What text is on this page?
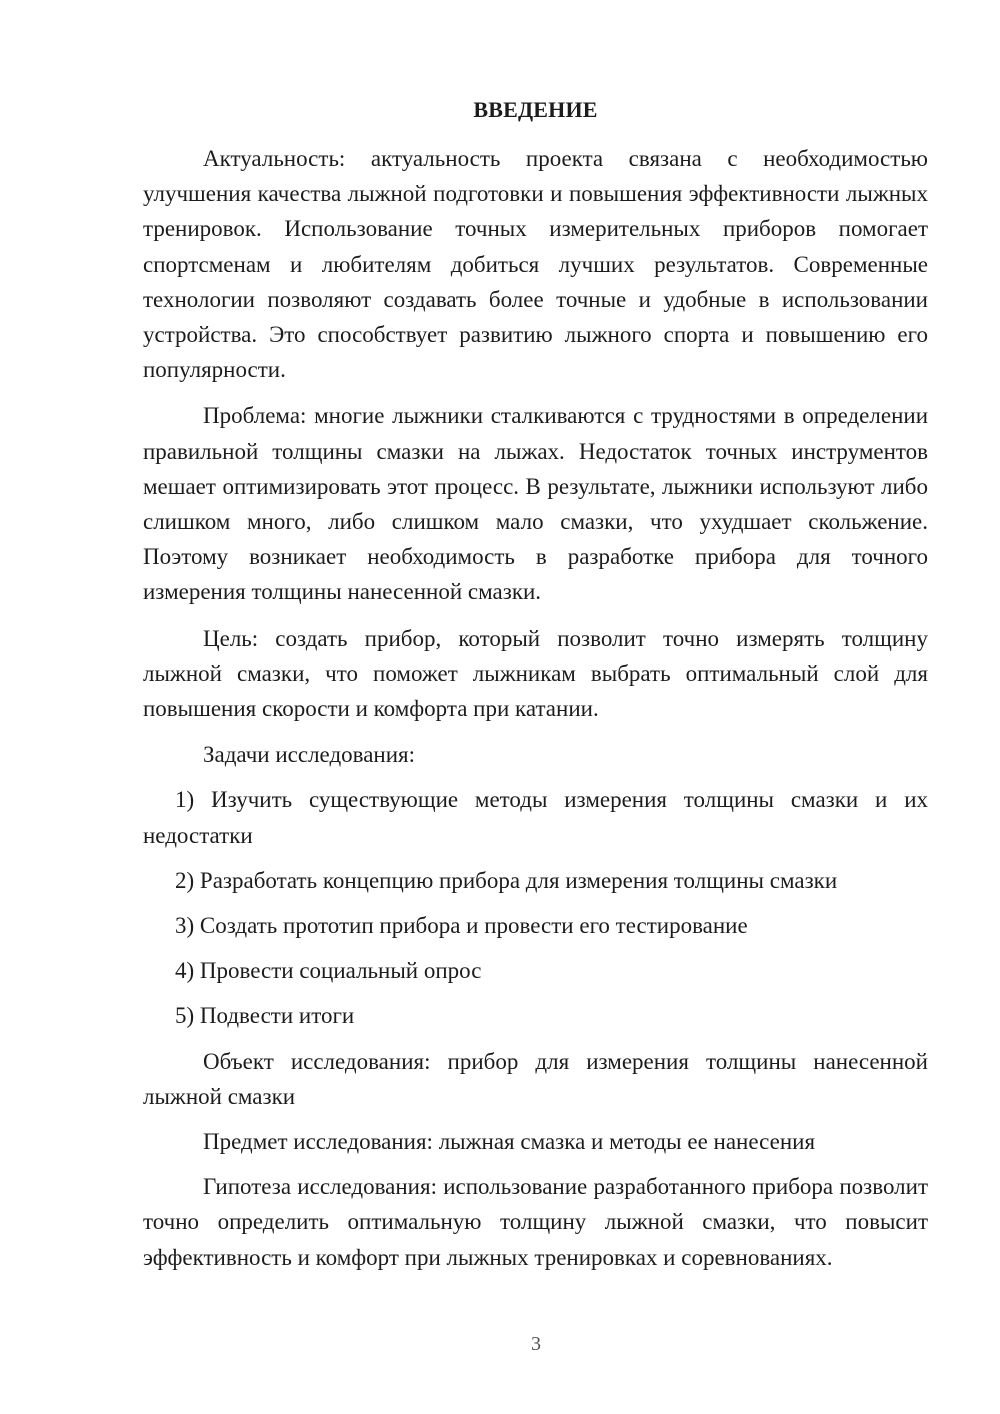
ВВЕДЕНИЕ

Актуальность: актуальность проекта связана с необходимостью улучшения качества лыжной подготовки и повышения эффективности лыжных тренировок. Использование точных измерительных приборов помогает спортсменам и любителям добиться лучших результатов. Современные технологии позволяют создавать более точные и удобные в использовании устройства. Это способствует развитию лыжного спорта и повышению его популярности.

Проблема: многие лыжники сталкиваются с трудностями в определении правильной толщины смазки на лыжах. Недостаток точных инструментов мешает оптимизировать этот процесс. В результате, лыжники используют либо слишком много, либо слишком мало смазки, что ухудшает скольжение. Поэтому возникает необходимость в разработке прибора для точного измерения толщины нанесенной смазки.

Цель: создать прибор, который позволит точно измерять толщину лыжной смазки, что поможет лыжникам выбрать оптимальный слой для повышения скорости и комфорта при катании.

Задачи исследования:

1) Изучить существующие методы измерения толщины смазки и их недостатки

2) Разработать концепцию прибора для измерения толщины смазки

3) Создать прототип прибора и провести его тестирование

4) Провести социальный опрос

5) Подвести итоги

Объект исследования: прибор для измерения толщины нанесенной лыжной смазки

Предмет исследования: лыжная смазка и методы ее нанесения

Гипотеза исследования: использование разработанного прибора позволит точно определить оптимальную толщину лыжной смазки, что повысит эффективность и комфорт при лыжных тренировках и соревнованиях.

3
